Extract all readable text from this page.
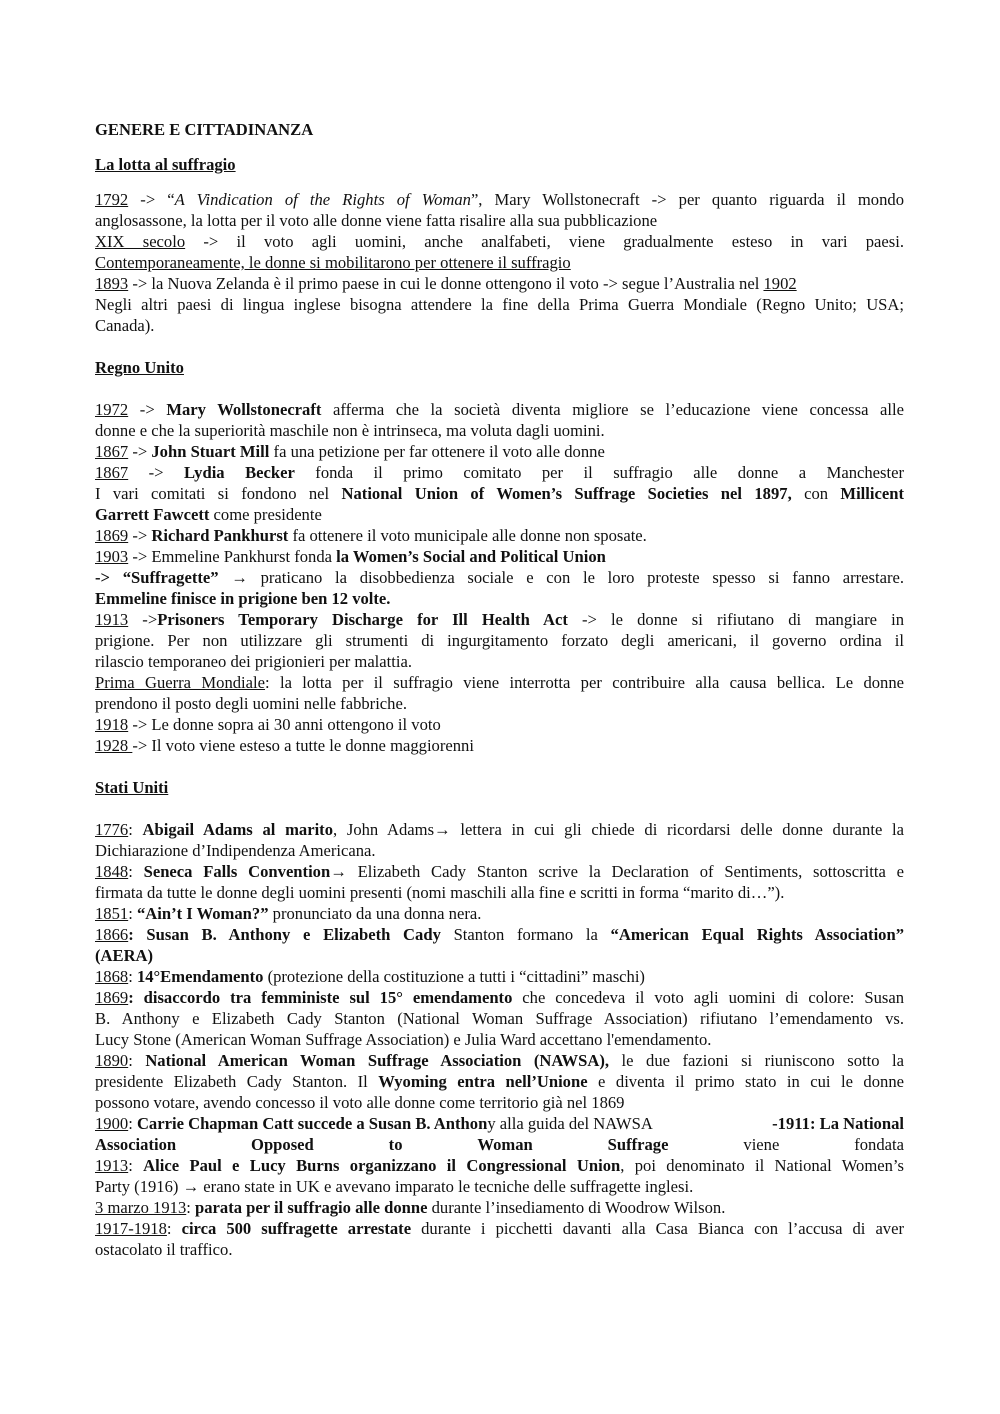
GENERE E CITTADINANZA
La lotta al suffragio
1792 -> “A Vindication of the Rights of Woman”, Mary Wollstonecraft -> per quanto riguarda il mondo
anglosassone, la lotta per il voto alle donne viene fatta risalire alla sua pubblicazione
XIX secolo -> il voto agli uomini, anche analfabeti, viene gradualmente esteso in vari paesi.
Contemporaneamente, le donne si mobilitarono per ottenere il suffragio
1893 -> la Nuova Zelanda è il primo paese in cui le donne ottengono il voto -> segue l’Australia nel 1902
Negli altri paesi di lingua inglese bisogna attendere la fine della Prima Guerra Mondiale (Regno Unito; USA;
Canada).
Regno Unito
1972 -> Mary Wollstonecraft afferma che la società diventa migliore se l’educazione viene concessa alle
donne e che la superiorità maschile non è intrinseca, ma voluta dagli uomini.
1867 -> John Stuart Mill fa una petizione per far ottenere il voto alle donne
1867 -> Lydia Becker fonda il primo comitato per il suffragio alle donne a Manchester
I vari comitati si fondono nel National Union of Women’s Suffrage Societies nel 1897, con Millicent
Garrett Fawcett come presidente
1869 -> Richard Pankhurst fa ottenere il voto municipale alle donne non sposate.
1903 -> Emmeline Pankhurst fonda la Women’s Social and Political Union
-> “Suffragette” → praticano la disobbedienza sociale e con le loro proteste spesso si fanno arrestare.
Emmeline finisce in prigione ben 12 volte.
1913 ->Prisoners Temporary Discharge for Ill Health Act -> le donne si rifiutano di mangiare in
prigione. Per non utilizzare gli strumenti di ingurgitamento forzato degli americani, il governo ordina il
rilascio temporaneo dei prigionieri per malattia.
Prima Guerra Mondiale: la lotta per il suffragio viene interrotta per contribuire alla causa bellica. Le donne
prendono il posto degli uomini nelle fabbriche.
1918 -> Le donne sopra ai 30 anni ottengono il voto
1928 -> Il voto viene esteso a tutte le donne maggiorenni
Stati Uniti
1776: Abigail Adams al marito, John Adams→ lettera in cui gli chiede di ricordarsi delle donne durante la
Dichiarazione d’Indipendenza Americana.
1848: Seneca Falls Convention→ Elizabeth Cady Stanton scrive la Declaration of Sentiments, sottoscritta e
firmata da tutte le donne degli uomini presenti (nomi maschili alla fine e scritti in forma “marito di…”).
1851: “Ain’t I Woman?” pronunciato da una donna nera.
1866: Susan B. Anthony e Elizabeth Cady Stanton formano la “American Equal Rights Association”
(AERA)
1868: 14°Emendamento (protezione della costituzione a tutti i “cittadini” maschi)
1869: disaccordo tra femministe sul 15° emendamento che concedeva il voto agli uomini di colore: Susan
B. Anthony e Elizabeth Cady Stanton (National Woman Suffrage Association) rifiutano l’emendamento vs.
Lucy Stone (American Woman Suffrage Association) e Julia Ward accettano l'emendamento.
1890: National American Woman Suffrage Association (NAWSA), le due fazioni si riuniscono sotto la
presidente Elizabeth Cady Stanton. Il Wyoming entra nell’Unione e diventa il primo stato in cui le donne
possono votare, avendo concesso il voto alle donne come territorio già nel 1869
1900: Carrie Chapman Catt succede a Susan B. Anthony alla guida del NAWSA	-1911: La National
Association	Opposed	to	Woman	Suffrage	viene	fondata
1913: Alice Paul e Lucy Burns organizzano il Congressional Union, poi denominato il National Women’s
Party (1916) → erano state in UK e avevano imparato le tecniche delle suffragette inglesi.
3 marzo 1913: parata per il suffragio alle donne durante l’insediamento di Woodrow Wilson.
1917-1918: circa 500 suffragette arrestate durante i picchetti davanti alla Casa Bianca con l’accusa di aver
ostacolato il traffico.
